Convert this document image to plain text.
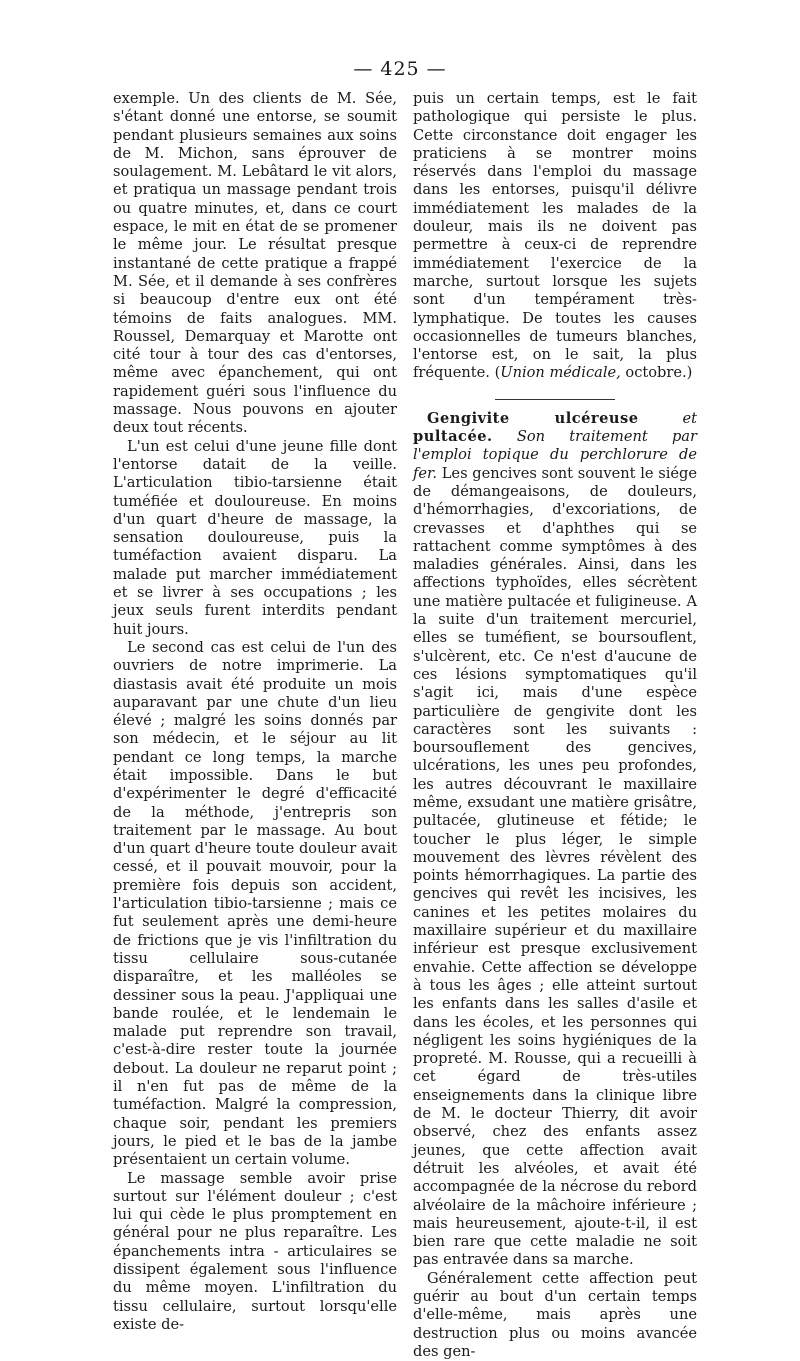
— 425 —

exemple. Un des clients de M. Sée, s'étant donné une entorse, se soumit pendant plusieurs semaines aux soins de M. Michon, sans éprouver de soulagement. M. Lebâtard le vit alors, et pratiqua un massage pendant trois ou quatre minutes, et, dans ce court espace, le mit en état de se promener le même jour. Le résultat presque instantané de cette pratique a frappé M. Sée, et il demande à ses confrères si beaucoup d'entre eux ont été témoins de faits analogues. MM. Roussel, Demarquay et Marotte ont cité tour à tour des cas d'entorses, même avec épanchement, qui ont rapidement guéri sous l'influence du massage. Nous pouvons en ajouter deux tout récents.

L'un est celui d'une jeune fille dont l'entorse datait de la veille. L'articulation tibio-tarsienne était tuméfiée et douloureuse. En moins d'un quart d'heure de massage, la sensation douloureuse, puis la tuméfaction avaient disparu. La malade put marcher immédiatement et se livrer à ses occupations ; les jeux seuls furent interdits pendant huit jours.

Le second cas est celui de l'un des ouvriers de notre imprimerie. La diastasis avait été produite un mois auparavant par une chute d'un lieu élevé ; malgré les soins donnés par son médecin, et le séjour au lit pendant ce long temps, la marche était impossible. Dans le but d'expérimenter le degré d'efficacité de la méthode, j'entrepris son traitement par le massage. Au bout d'un quart d'heure toute douleur avait cessé, et il pouvait mouvoir, pour la première fois depuis son accident, l'articulation tibio-tarsienne ; mais ce fut seulement après une demi-heure de frictions que je vis l'infiltration du tissu cellulaire sous-cutanée disparaître, et les malléoles se dessiner sous la peau. J'appliquai une bande roulée, et le lendemain le malade put reprendre son travail, c'est-à-dire rester toute la journée debout. La douleur ne reparut point ; il n'en fut pas de même de la tuméfaction. Malgré la compression, chaque soir, pendant les premiers jours, le pied et le bas de la jambe présentaient un certain volume.

Le massage semble avoir prise surtout sur l'élément douleur ; c'est lui qui cède le plus promptement en général pour ne plus reparaître. Les épanchements intra - articulaires se dissipent également sous l'influence du même moyen. L'infiltration du tissu cellulaire, surtout lorsqu'elle existe de-

puis un certain temps, est le fait pathologique qui persiste le plus. Cette circonstance doit engager les praticiens à se montrer moins réservés dans l'emploi du massage dans les entorses, puisqu'il délivre immédiatement les malades de la douleur, mais ils ne doivent pas permettre à ceux-ci de reprendre immédiatement l'exercice de la marche, surtout lorsque les sujets sont d'un tempérament très-lymphatique. De toutes les causes occasionnelles de tumeurs blanches, l'entorse est, on le sait, la plus fréquente. (Union médicale, octobre.)

Gengivite ulcéreuse et pultacée. Son traitement par l'emploi topique du perchlorure de fer. Les gencives sont souvent le siége de démangeaisons, de douleurs, d'hémorrhagies, d'excoriations, de crevasses et d'aphthes qui se rattachent comme symptômes à des maladies générales. Ainsi, dans les affections typhoïdes, elles sécrètent une matière pultacée et fuligineuse. A la suite d'un traitement mercuriel, elles se tuméfient, se boursouflent, s'ulcèrent, etc. Ce n'est d'aucune de ces lésions symptomatiques qu'il s'agit ici, mais d'une espèce particulière de gengivite dont les caractères sont les suivants : boursouflement des gencives, ulcérations, les unes peu profondes, les autres découvrant le maxillaire même, exsudant une matière grisâtre, pultacée, glutineuse et fétide; le toucher le plus léger, le simple mouvement des lèvres révèlent des points hémorrhagiques. La partie des gencives qui revêt les incisives, les canines et les petites molaires du maxillaire supérieur et du maxillaire inférieur est presque exclusivement envahie. Cette affection se développe à tous les âges ; elle atteint surtout les enfants dans les salles d'asile et dans les écoles, et les personnes qui négligent les soins hygiéniques de la propreté. M. Rousse, qui a recueilli à cet égard de très-utiles enseignements dans la clinique libre de M. le docteur Thierry, dit avoir observé, chez des enfants assez jeunes, que cette affection avait détruit les alvéoles, et avait été accompagnée de la nécrose du rebord alvéolaire de la mâchoire inférieure ; mais heureusement, ajoute-t-il, il est bien rare que cette maladie ne soit pas entravée dans sa marche.

Généralement cette affection peut guérir au bout d'un certain temps d'elle-même, mais après une destruction plus ou moins avancée des gen-
